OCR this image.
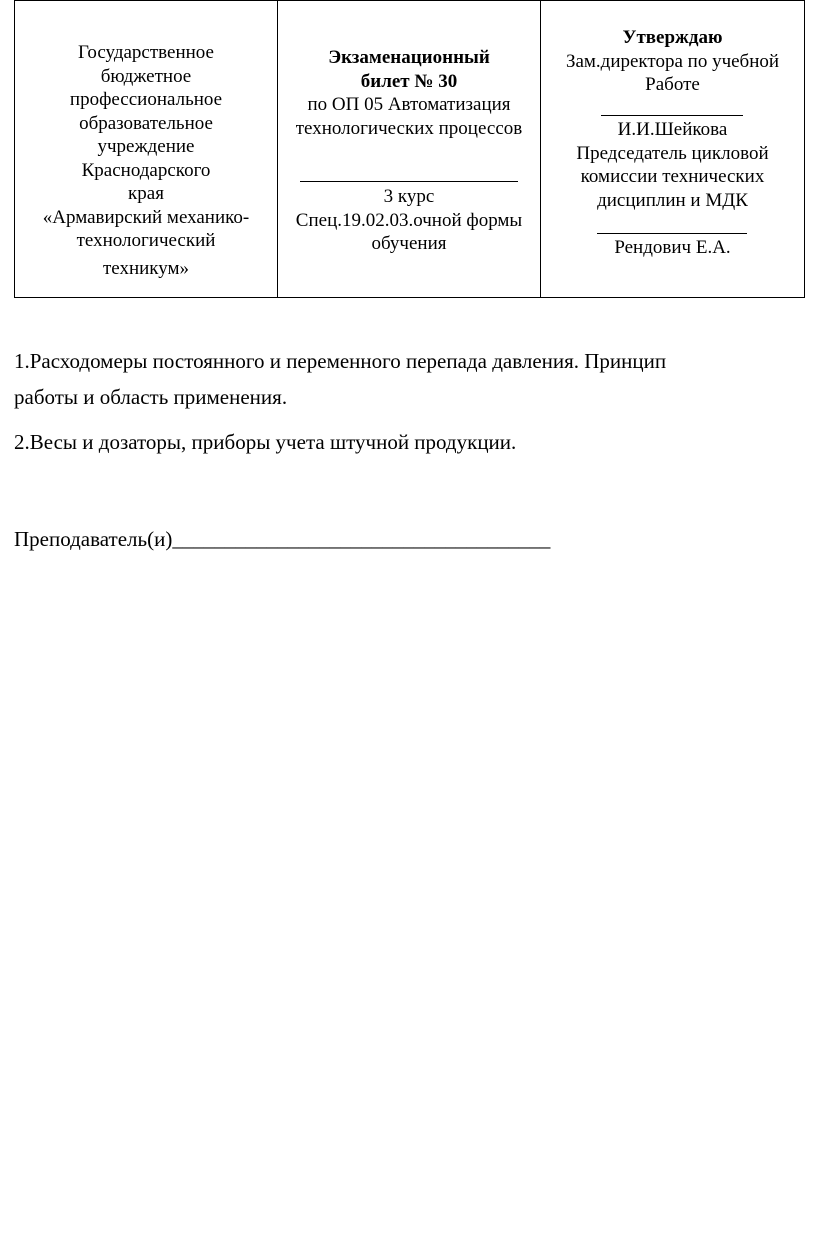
Государственное
бюджетное
профессиональное
образовательное
учреждение
Краснодарского
края
«Армавирский механико-
технологический
техникум»

Экзаменационный
билет № 30
по ОП 05 Автоматизация
технологических процессов
3 курс
Спец.19.02.03.очной формы
обучения

Утверждаю
Зам.директора по учебной
Работе
И.И.Шейкова
Председатель цикловой
комиссии технических
дисциплин и МДК
Рендович Е.А.
1.Расходомеры постоянного и переменного перепада давления. Принцип
работы и область применения.
2.Весы и дозаторы, приборы учета штучной продукции.
Преподаватель(и)____________________________________
